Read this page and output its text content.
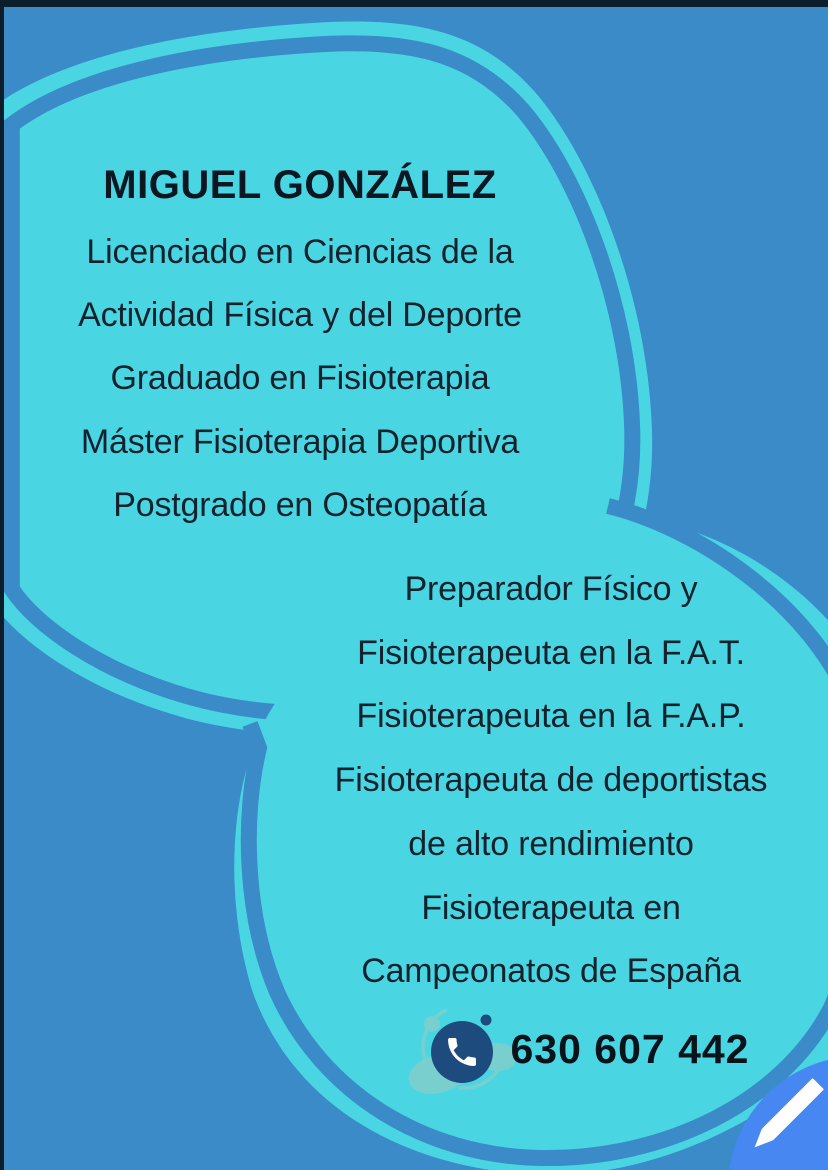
MIGUEL GONZÁLEZ
Licenciado en Ciencias de la
Actividad Física y del Deporte
Graduado en Fisioterapia
Máster Fisioterapia Deportiva
Postgrado en Osteopatía
Preparador Físico y
Fisioterapeuta en la F.A.T.
Fisioterapeuta en la F.A.P.
Fisioterapeuta de deportistas
de alto rendimiento
Fisioterapeuta en
Campeonatos de España
630 607 442
